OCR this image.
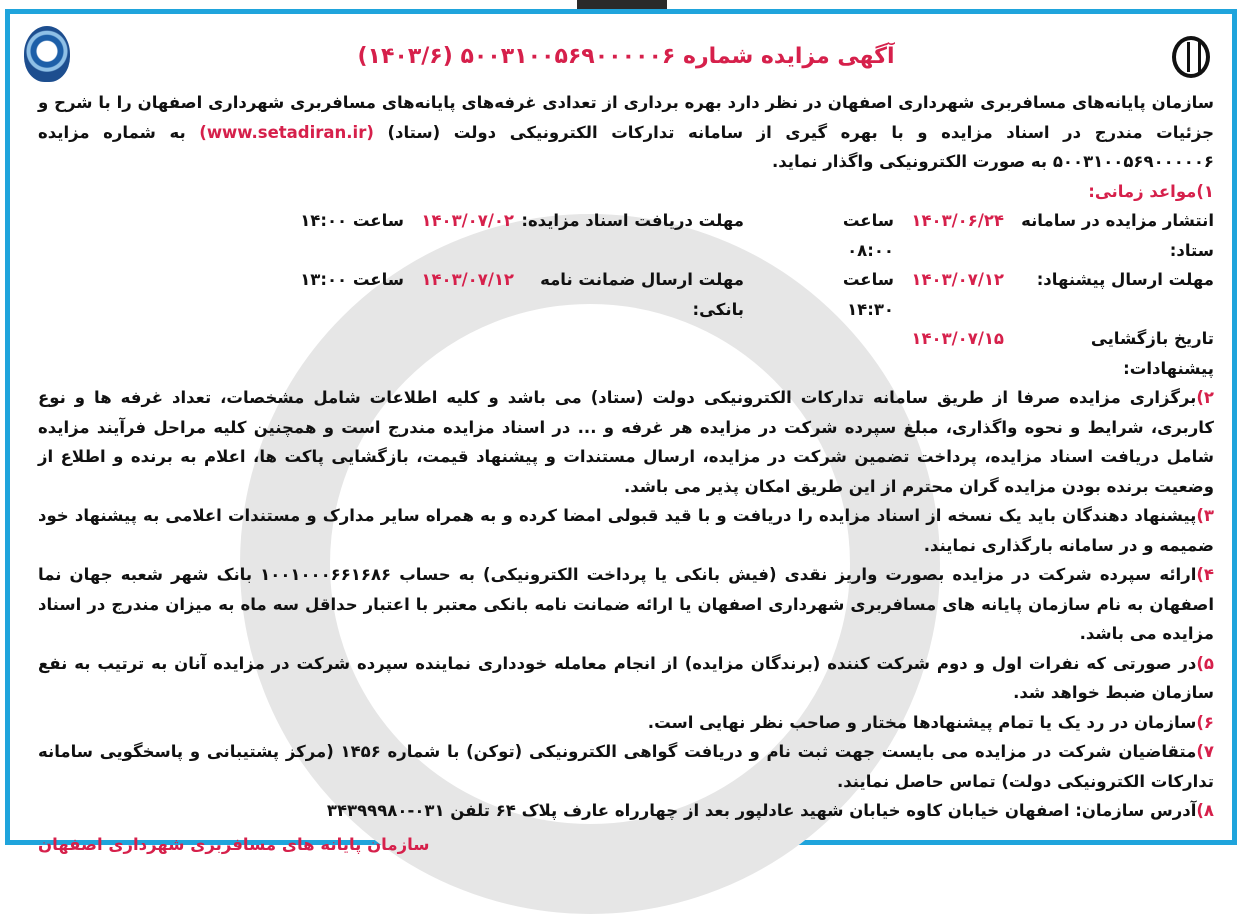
آگهی مزایده شماره ۵۰۰۳۱۰۰۵۶۹۰۰۰۰۰۶ (۱۴۰۳/۶)

سازمان پایانه‌های مسافربری شهرداری اصفهان در نظر دارد بهره برداری از تعدادی غرفه‌های پایانه‌های مسافربری شهرداری اصفهان را با شرح و جزئیات مندرج در اسناد مزایده و با بهره گیری از سامانه تدارکات الکترونیکی دولت (ستاد) (www.setadiran.ir) به شماره مزایده ۵۰۰۳۱۰۰۵۶۹۰۰۰۰۰۶ به صورت الکترونیکی واگذار نماید.

۱)مواعد زمانی:
انتشار مزایده در سامانه ستاد:
۱۴۰۳/۰۶/۲۴
ساعت ۰۸:۰۰
مهلت دریافت اسناد مزایده:
۱۴۰۳/۰۷/۰۲
ساعت ۱۴:۰۰
مهلت ارسال پیشنهاد:
۱۴۰۳/۰۷/۱۲
ساعت ۱۴:۳۰
مهلت ارسال ضمانت نامه بانکی:
۱۴۰۳/۰۷/۱۲
ساعت ۱۳:۰۰
تاریخ بازگشایی پیشنهادات:
۱۴۰۳/۰۷/۱۵

۲)برگزاری مزایده صرفا از طریق سامانه تدارکات الکترونیکی دولت (ستاد) می باشد و کلیه اطلاعات شامل مشخصات، تعداد غرفه ها و نوع کاربری، شرایط و نحوه واگذاری، مبلغ سپرده شرکت در مزایده هر غرفه و ... در اسناد مزایده مندرج است و همچنین کلیه مراحل فرآیند مزایده شامل دریافت اسناد مزایده، پرداخت تضمین شرکت در مزایده، ارسال مستندات و پیشنهاد قیمت، بازگشایی پاکت ها، اعلام به برنده و اطلاع از وضعیت برنده بودن مزایده گران محترم از این طریق امکان پذیر می باشد.

۳)پیشنهاد دهندگان باید یک نسخه از اسناد مزایده را دریافت و با قید قبولی امضا کرده و به همراه سایر مدارک و مستندات اعلامی به پیشنهاد خود ضمیمه و در سامانه بارگذاری نمایند.

۴)ارائه سپرده شرکت در مزایده بصورت واریز نقدی (فیش بانکی یا پرداخت الکترونیکی) به حساب ۱۰۰۱۰۰۰۶۶۱۶۸۶ بانک شهر شعبه جهان نما اصفهان به نام سازمان پایانه های مسافربری شهرداری اصفهان یا ارائه ضمانت نامه بانکی معتبر با اعتبار حداقل سه ماه به میزان مندرج در اسناد مزایده می باشد.

۵)در صورتی که نفرات اول و دوم شرکت کننده (برندگان مزایده) از انجام معامله خودداری نماینده سپرده شرکت در مزایده آنان به ترتیب به نفع سازمان ضبط خواهد شد.

۶)سازمان در رد یک یا تمام پیشنهادها مختار و صاحب نظر نهایی است.

۷)متقاضیان شرکت در مزایده می بایست جهت ثبت نام و دریافت گواهی الکترونیکی (توکن) با شماره ۱۴۵۶ (مرکز پشتیبانی و پاسخگویی سامانه تدارکات الکترونیکی دولت) تماس حاصل نمایند.

۸)آدرس سازمان: اصفهان خیابان کاوه خیابان شهید عادلپور بعد از چهارراه عارف پلاک ۶۴ تلفن ۰۳۱-۳۴۳۹۹۹۸۰

سازمان پایانه های مسافربری شهرداری اصفهان
